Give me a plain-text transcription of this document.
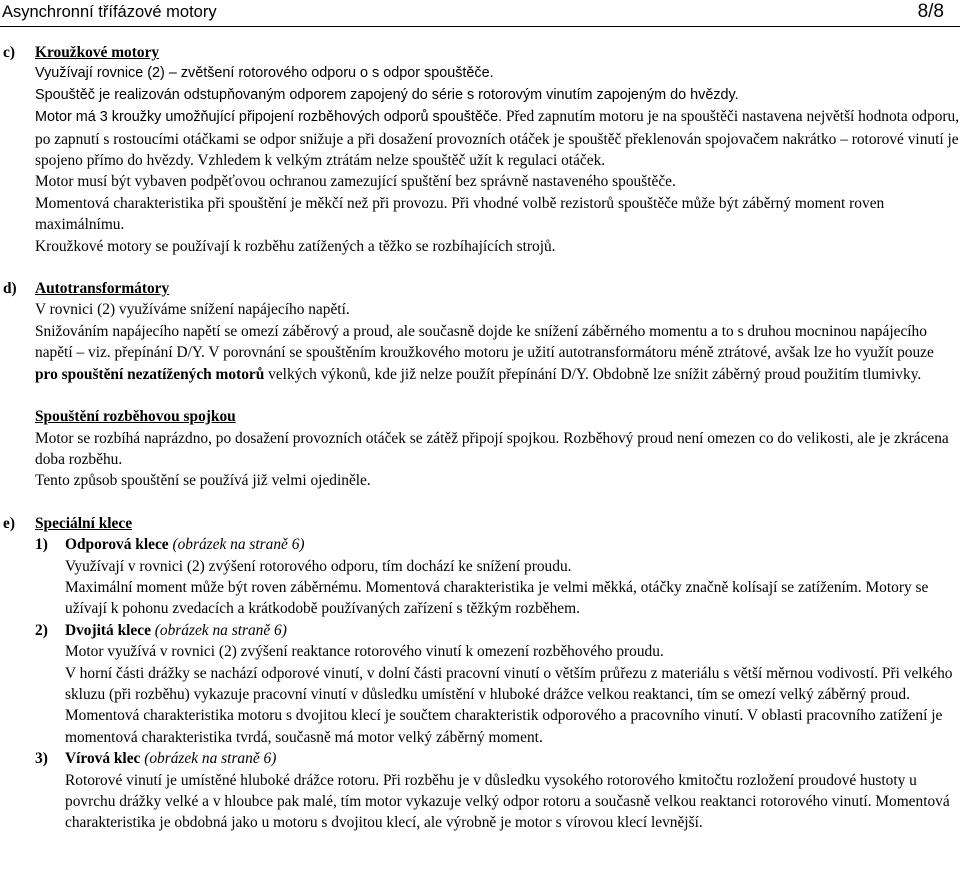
Asynchronní třífázové motory	8/8
c) Kroužkové motory

Využívají rovnice (2) – zvětšení rotorového odporu o s odpor spouštěče.

Spouštěč je realizován odstupňovaným odporem zapojený do série s rotorovým vinutím zapojeným do hvězdy.

Motor má 3 kroužky umožňující připojení rozběhových odporů spouštěče. Před zapnutím motoru je na spouštěči nastavena největší hodnota odporu, po zapnutí s rostoucími otáčkami se odpor snižuje a při dosažení provozních otáček je spouštěč překlenován spojovačem nakrátko – rotorové vinutí je spojeno přímo do hvězdy. Vzhledem k velkým ztrátám nelze spouštěč užít k regulaci otáček.

Motor musí být vybaven podpěťovou ochranou zamezující spuštění bez správně nastaveného spouštěče.

Momentová charakteristika při spouštění je měkčí než při provozu. Při vhodné volbě rezistorů spouštěče může být záběrný moment roven maximálnímu.

Kroužkové motory se používají k rozběhu zatížených a těžko se rozbíhajících strojů.

d) Autotransformátory

V rovnici (2) využíváme snížení napájecího napětí.

Snižováním napájecího napětí se omezí záběrový a proud, ale současně dojde ke snížení záběrného momentu a to s druhou mocninou napájecího napětí – viz. přepínání D/Y. V porovnání se spouštěním kroužkového motoru je užití autotransformátoru méně ztrátové, avšak lze ho využít pouze pro spouštění nezatížených motorů velkých výkonů, kde již nelze použít přepínání D/Y. Obdobně lze snížit záběrný proud použitím tlumivky.

Spouštění rozběhovou spojkou

Motor se rozbíhá naprázdno, po dosažení provozních otáček se zátěž připojí spojkou. Rozběhový proud není omezen co do velikosti, ale je zkrácena doba rozběhu.

Tento způsob spouštění se používá již velmi ojediněle.

e) Speciální klece

1) Odporová klece (obrázek na straně 6)

Využívají v rovnici (2) zvýšení rotorového odporu, tím dochází ke snížení proudu.

Maximální moment může být roven záběrnému. Momentová charakteristika je velmi měkká, otáčky značně kolísají se zatížením. Motory se užívají k pohonu zvedacích a krátkodobě používaných zařízení s těžkým rozběhem.

2) Dvojitá klece (obrázek na straně 6)

Motor využívá v rovnici (2) zvýšení reaktance rotorového vinutí k omezení rozběhového proudu.

V horní části drážky se nachází odporové vinutí, v dolní části pracovní vinutí o větším průřezu z materiálu s větší měrnou vodivostí. Při velkého skluzu (při rozběhu) vykazuje pracovní vinutí v důsledku umístění v hluboké drážce velkou reaktanci, tím se omezí velký záběrný proud. Momentová charakteristika motoru s dvojitou klecí je součtem charakteristik odporového a pracovního vinutí. V oblasti pracovního zatížení je momentová charakteristika tvrdá, současně má motor velký záběrný moment.

3) Vírová klec (obrázek na straně 6)

Rotorové vinutí je umístěné hluboké drážce rotoru. Při rozběhu je v důsledku vysokého rotorového kmitočtu rozložení proudové hustoty u povrchu drážky velké a v hloubce pak malé, tím motor vykazuje velký odpor rotoru a současně velkou reaktanci rotorového vinutí. Momentová charakteristika je obdobná jako u motoru s dvojitou klecí, ale výrobně je motor s vírovou klecí levnější.
